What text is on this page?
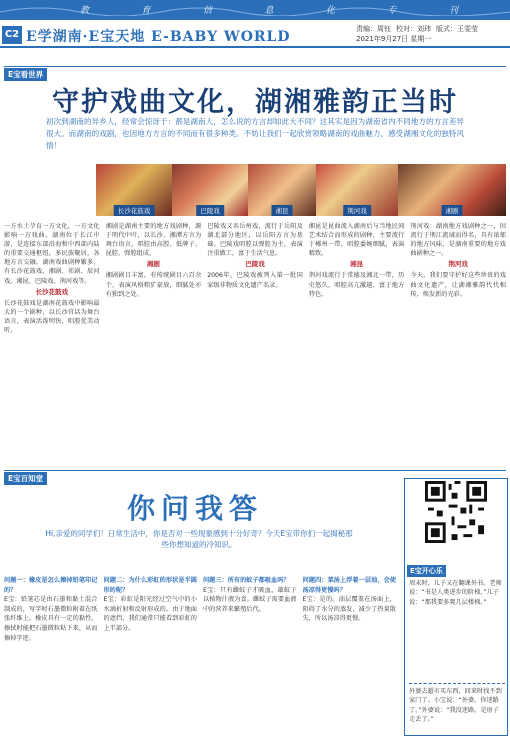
教	育	信	息	化	专	刊
C2 E学湖南·E宝天地 E-BABY WORLD	责编：周钰 校对：刘玮 版式：王雯莹
2021年9月27日 星期一
E宝看世界
守护戏曲文化，湖湘雅韵正当时
初次到湖南的异乡人，经常会惊讶于：都是湖南人，怎么说的方言却如此大不同？这其实是因为湖南省内不同地方的方言差异很大。而湖南的戏剧，也因地方方言的不同而有很多种类。不妨让我们一起欣赏领略湖南的戏曲魅力，感受湖湘文化的独特风情！
长沙花鼓戏	巴陵戏	湘昆	荆河戏	湘剧
一方水土孕育一方文化，一方文化影响一方戏曲。湖南位于长江中游，是连接东部沿海和中西部内陆的重要交通枢纽，多民族聚居，各地方言交融。湖南戏曲剧种繁多，有长沙花鼓戏、湘剧、祁剧、辰河戏、湘昆、巴陵戏、荆河戏等。
长沙花鼓戏
长沙花鼓戏是湖南花鼓戏中影响最大的一个剧种，以长沙官话为舞台语言，表演活泼明快，唱腔优美动听。
湘剧是湖南主要的地方戏剧种，源于明代中叶，以长沙、湘潭方言为舞台语言，唱腔由高腔、低牌子、昆腔、弹腔组成。
湘剧
湘剧剧目丰富，有传统剧目六百余个，表演风格粗犷豪放，细腻处亦有独到之处。
巴陵戏又名岳州戏，流行于岳阳及湖北部分地区，以岳阳方言为基础。巴陵戏唱腔以弹腔为主，表演注重做工，富于生活气息。
巴陵戏
2006年，巴陵戏被列入第一批国家级非物质文化遗产名录。
湘昆是昆曲流入湖南后与当地民间艺术结合而形成的剧种，主要流行于郴州一带，唱腔委婉细腻，表演精致。
湘昆
荆河戏流行于常德及湘北一带，历史悠久，唱腔高亢激越，富于地方特色。
荆河戏：湖南地方戏剧种之一，因流行于荆江流域而得名，具有浓郁的地方风味，是湖南重要的地方戏曲剧种之一。
荆河戏
今天，我们要守护好这些珍贵的戏曲文化遗产，让湖湘雅韵代代相传，焕发新的光彩。
E宝百知堂
你问我答
Hi,亲爱的同学们！日常生活中，你是否对一些现象感到十分好奇？今天E宝带你们一起揭秘那些你想知道的冷知识。
问题一：橡皮是怎么擦掉铅笔印记的？
E宝：铅笔芯是由石墨和黏土混合制成的，写字时石墨微粒附着在纸张纤维上。橡皮具有一定的黏性，擦拭时能把石墨微粒粘下来，从而擦掉字迹。
问题二：为什么彩虹的形状是半圆形的呢？
E宝：彩虹是阳光经过空气中的小水滴折射和反射形成的。由于地面的遮挡，我们通常只能看到彩虹的上半部分。
问题三：所有的蚊子都吸血吗？
E宝：只有雌蚊子才吸血，雄蚊子以植物汁液为食。雌蚊子需要血液中的营养来繁殖后代。
问题四：菜汤上浮着一层油，会使汤凉得更慢吗？
E宝：是的。油层覆盖在汤面上，阻碍了水分的蒸发，减少了热量散失，所以汤凉得更慢。
E宝开心乐
周末时，儿子又在翻课外书。老师说：“书是人类进步的阶梯。”儿子说：“那我要多爬几层楼梯。”
外婆去超市买东西，回来时找不到家门了。小宝说：“外婆，你迷路了。”外婆说：“我没迷路，是房子走丢了。”
